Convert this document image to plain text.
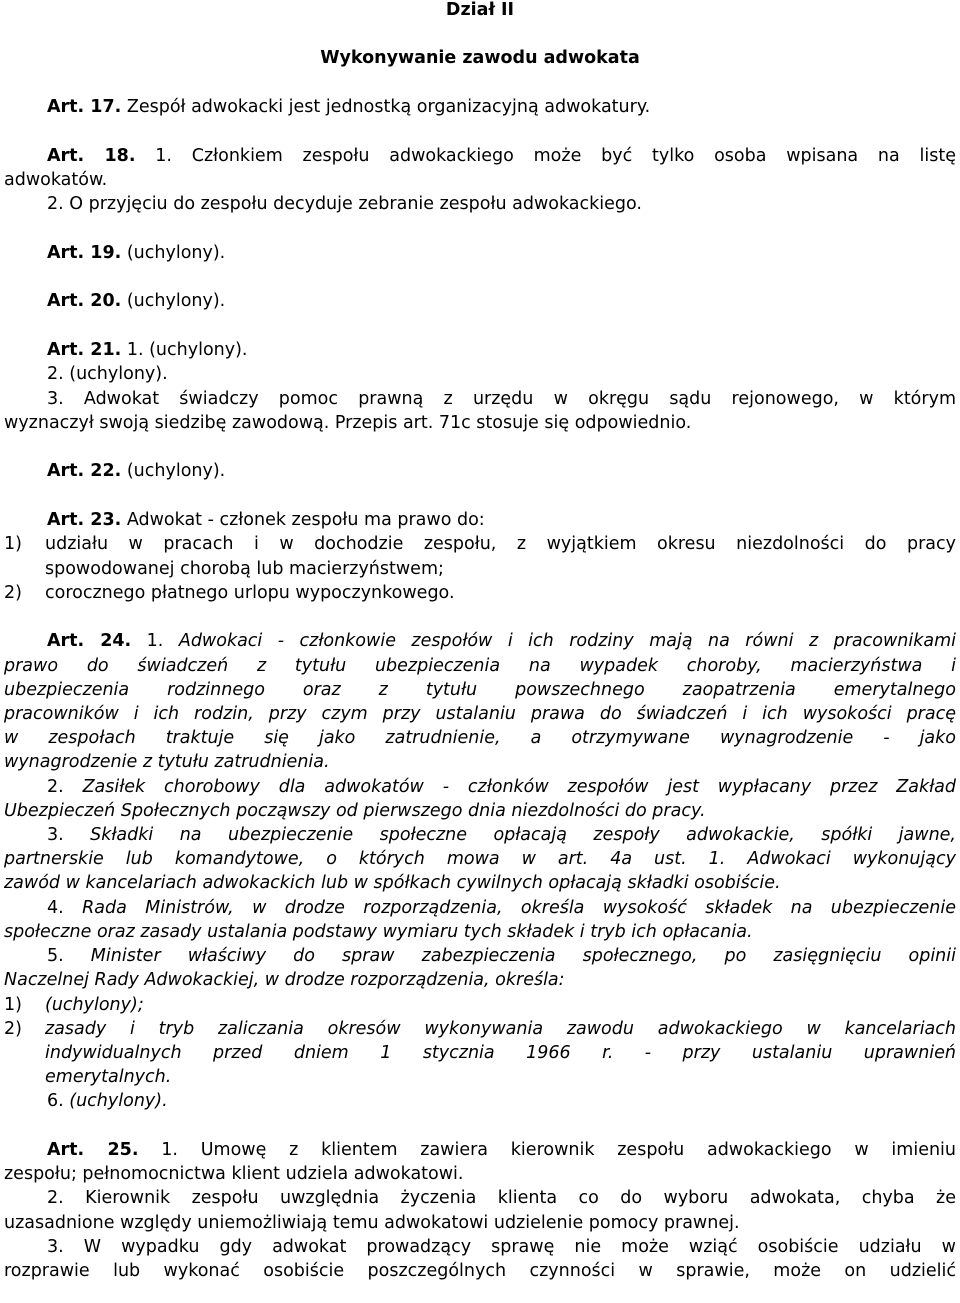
Dział II
Wykonywanie zawodu adwokata
Art. 17. Zespół adwokacki jest jednostką organizacyjną adwokatury.
Art. 18. 1. Członkiem zespołu adwokackiego może być tylko osoba wpisana na listę
adwokatów.
2. O przyjęciu do zespołu decyduje zebranie zespołu adwokackiego.
Art. 19. (uchylony).
Art. 20. (uchylony).
Art. 21. 1. (uchylony).
2. (uchylony).
3. Adwokat świadczy pomoc prawną z urzędu w okręgu sądu rejonowego, w którym
wyznaczył swoją siedzibę zawodową. Przepis art. 71c stosuje się odpowiednio.
Art. 22. (uchylony).
Art. 23. Adwokat - członek zespołu ma prawo do:
1)	udziału w pracach i w dochodzie zespołu, z wyjątkiem okresu niezdolności do pracy
spowodowanej chorobą lub macierzyństwem;
2)	corocznego płatnego urlopu wypoczynkowego.
Art. 24. 1. Adwokaci - członkowie zespołów i ich rodziny mają na równi z pracownikami
prawo do świadczeń z tytułu ubezpieczenia na wypadek choroby, macierzyństwa i
ubezpieczenia rodzinnego oraz z tytułu powszechnego zaopatrzenia emerytalnego
pracowników i ich rodzin, przy czym przy ustalaniu prawa do świadczeń i ich wysokości pracę
w zespołach traktuje się jako zatrudnienie, a otrzymywane wynagrodzenie - jako
wynagrodzenie z tytułu zatrudnienia.
2. Zasiłek chorobowy dla adwokatów - członków zespołów jest wypłacany przez Zakład
Ubezpieczeń Społecznych począwszy od pierwszego dnia niezdolności do pracy.
3. Składki na ubezpieczenie społeczne opłacają zespoły adwokackie, spółki jawne,
partnerskie lub komandytowe, o których mowa w art. 4a ust. 1. Adwokaci wykonujący
zawód w kancelariach adwokackich lub w spółkach cywilnych opłacają składki osobiście.
4. Rada Ministrów, w drodze rozporządzenia, określa wysokość składek na ubezpieczenie
społeczne oraz zasady ustalania podstawy wymiaru tych składek i tryb ich opłacania.
5. Minister właściwy do spraw zabezpieczenia społecznego, po zasięgnięciu opinii
Naczelnej Rady Adwokackiej, w drodze rozporządzenia, określa:
1)	(uchylony);
2)	zasady i tryb zaliczania okresów wykonywania zawodu adwokackiego w kancelariach
indywidualnych przed dniem 1 stycznia 1966 r. - przy ustalaniu uprawnień
emerytalnych.
6. (uchylony).
Art. 25. 1. Umowę z klientem zawiera kierownik zespołu adwokackiego w imieniu
zespołu; pełnomocnictwa klient udziela adwokatowi.
2. Kierownik zespołu uwzględnia życzenia klienta co do wyboru adwokata, chyba że
uzasadnione względy uniemożliwiają temu adwokatowi udzielenie pomocy prawnej.
3. W wypadku gdy adwokat prowadzący sprawę nie może wziąć osobiście udziału w
rozprawie lub wykonać osobiście poszczególnych czynności w sprawie, może on udzielić
